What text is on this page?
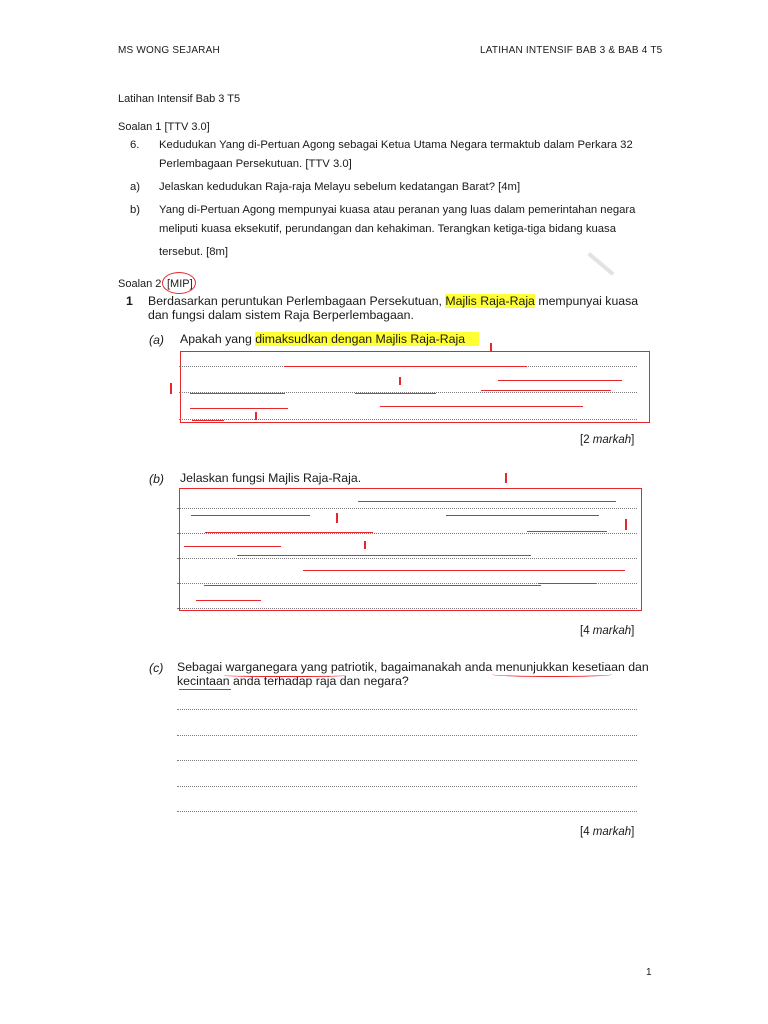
MS WONG SEJARAH	LATIHAN INTENSIF BAB 3 & BAB 4 T5
Latihan Intensif Bab 3 T5
Soalan 1 [TTV 3.0]
6. Kedudukan Yang di-Pertuan Agong sebagai Ketua Utama Negara termaktub dalam Perkara 32
Perlembagaan Persekutuan. [TTV 3.0]
a) Jelaskan kedudukan Raja-raja Melayu sebelum kedatangan Barat? [4m]
b) Yang di-Pertuan Agong mempunyai kuasa atau peranan yang luas dalam pemerintahan negara
meliputi kuasa eksekutif, perundangan dan kehakiman. Terangkan ketiga-tiga bidang kuasa
tersebut. [8m]
Soalan 2 [MIP]
1 Berdasarkan peruntukan Perlembagaan Persekutuan, Majlis Raja-Raja mempunyai kuasa
dan fungsi dalam sistem Raja Berperlembagaan.
(a) Apakah yang dimaksudkan dengan Majlis Raja-Raja
[2 markah]
(b) Jelaskan fungsi Majlis Raja-Raja.
[4 markah]
(c) Sebagai warganegara yang patriotik, bagaimanakah anda menunjukkan kesetiaan dan
kecintaan anda terhadap raja dan negara?
[4 markah]
1
